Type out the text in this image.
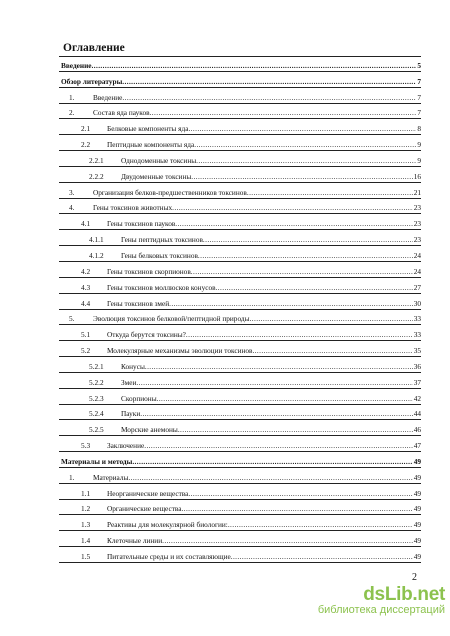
Оглавление
Введение .....	5
Обзор литературы .....	7
1.	Введение .....	7
2.	Состав яда пауков .....	7
2.1	Белковые компоненты яда .....	8
2.2	Пептидные компоненты яда .....	9
2.2.1	Однодоменные токсины .....	9
2.2.2	Двудоменные токсины .....	16
3.	Организация белков-предшественников токсинов .....	21
4.	Гены токсинов животных .....	23
4.1	Гены токсинов пауков .....	23
4.1.1	Гены пептидных токсинов .....	23
4.1.2	Гены белковых токсинов .....	24
4.2	Гены токсинов скорпионов .....	24
4.3	Гены токсинов моллюсков конусов .....	27
4.4	Гены токсинов змей .....	30
5.	Эволюция токсинов белковой/пептидной природы .....	33
5.1	Откуда берутся токсины? .....	33
5.2	Молекулярные механизмы эволюции токсинов .....	35
5.2.1	Конусы .....	36
5.2.2	Змеи .....	37
5.2.3	Скорпионы .....	42
5.2.4	Пауки .....	44
5.2.5	Морские анемоны .....	46
5.3	Заключение .....	47
Материалы и методы .....	49
1.	Материалы .....	49
1.1	Неорганические вещества .....	49
1.2	Органические вещества .....	49
1.3	Реактивы для молекулярной биологии: .....	49
1.4	Клеточные линии .....	49
1.5	Питательные среды и их составляющие .....	49
2
dsLib.net
библиотека диссертаций
